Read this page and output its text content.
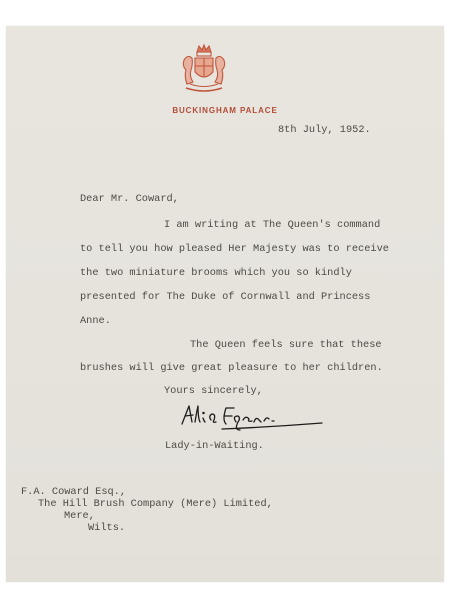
BUCKINGHAM PALACE
8th July, 1952.
Dear Mr. Coward,
I am writing at The Queen's command
to tell you how pleased Her Majesty was to receive
the two miniature brooms which you so kindly
presented for The Duke of Cornwall and Princess
Anne.
The Queen feels sure that these
brushes will give great pleasure to her children.
Yours sincerely,
Lady-in-Waiting.
F.A. Coward Esq.,
The Hill Brush Company (Mere) Limited,
Mere,
Wilts.
